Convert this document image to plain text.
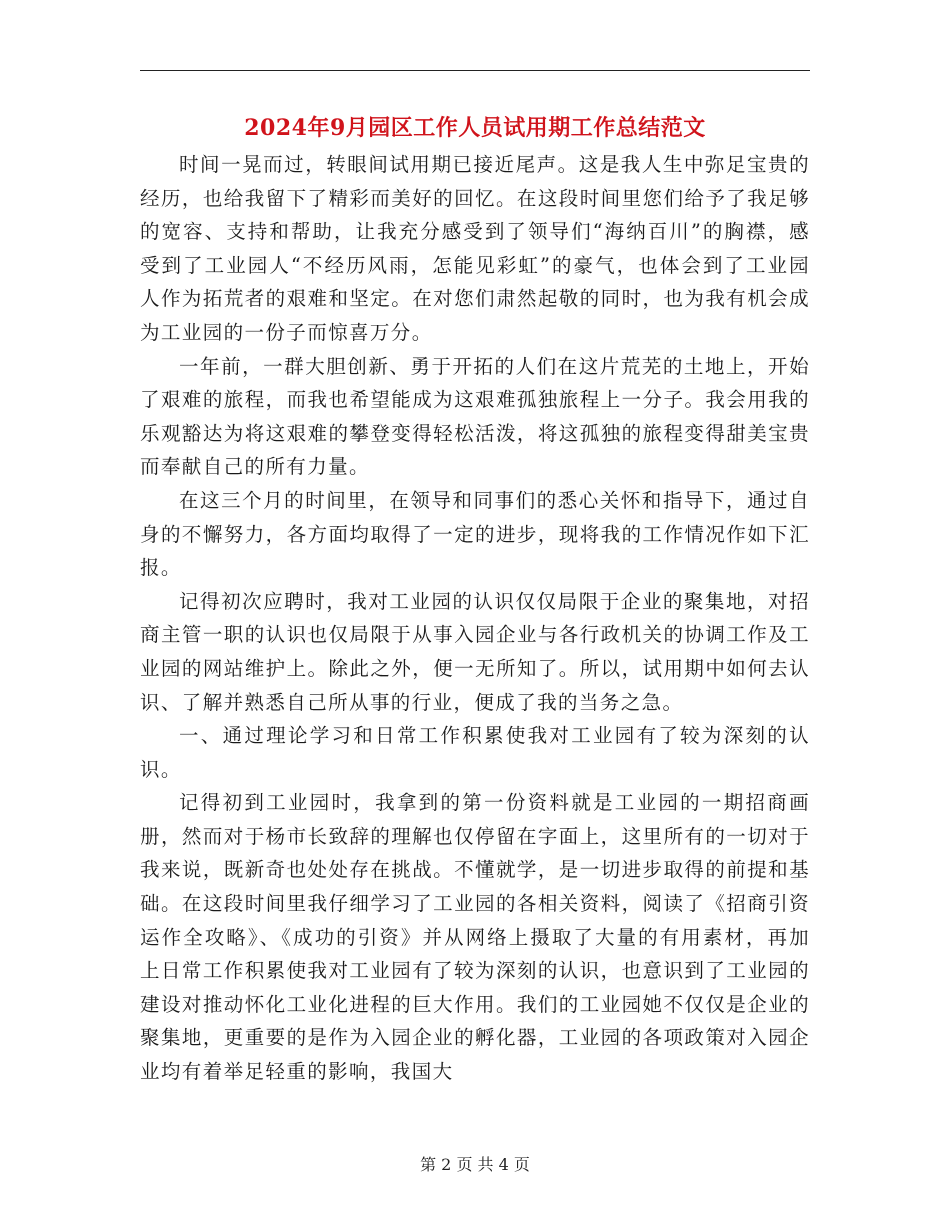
2024年9月园区工作人员试用期工作总结范文

时间一晃而过，转眼间试用期已接近尾声。这是我人生中弥足宝贵的经历，也给我留下了精彩而美好的回忆。在这段时间里您们给予了我足够的宽容、支持和帮助，让我充分感受到了领导们“海纳百川”的胸襟，感受到了工业园人“不经历风雨，怎能见彩虹”的豪气，也体会到了工业园人作为拓荒者的艰难和坚定。在对您们肃然起敬的同时，也为我有机会成为工业园的一份子而惊喜万分。

一年前，一群大胆创新、勇于开拓的人们在这片荒芜的土地上，开始了艰难的旅程，而我也希望能成为这艰难孤独旅程上一分子。我会用我的乐观豁达为将这艰难的攀登变得轻松活泼，将这孤独的旅程变得甜美宝贵而奉献自己的所有力量。

在这三个月的时间里，在领导和同事们的悉心关怀和指导下，通过自身的不懈努力，各方面均取得了一定的进步，现将我的工作情况作如下汇报。

记得初次应聘时，我对工业园的认识仅仅局限于企业的聚集地，对招商主管一职的认识也仅局限于从事入园企业与各行政机关的协调工作及工业园的网站维护上。除此之外，便一无所知了。所以，试用期中如何去认识、了解并熟悉自己所从事的行业，便成了我的当务之急。

一、通过理论学习和日常工作积累使我对工业园有了较为深刻的认识。

记得初到工业园时，我拿到的第一份资料就是工业园的一期招商画册，然而对于杨市长致辞的理解也仅停留在字面上，这里所有的一切对于我来说，既新奇也处处存在挑战。不懂就学，是一切进步取得的前提和基础。在这段时间里我仔细学习了工业园的各相关资料，阅读了《招商引资运作全攻略》、《成功的引资》并从网络上摄取了大量的有用素材，再加上日常工作积累使我对工业园有了较为深刻的认识，也意识到了工业园的建设对推动怀化工业化进程的巨大作用。我们的工业园她不仅仅是企业的聚集地，更重要的是作为入园企业的孵化器，工业园的各项政策对入园企业均有着举足轻重的影响，我国大

第 2 页 共 4 页
